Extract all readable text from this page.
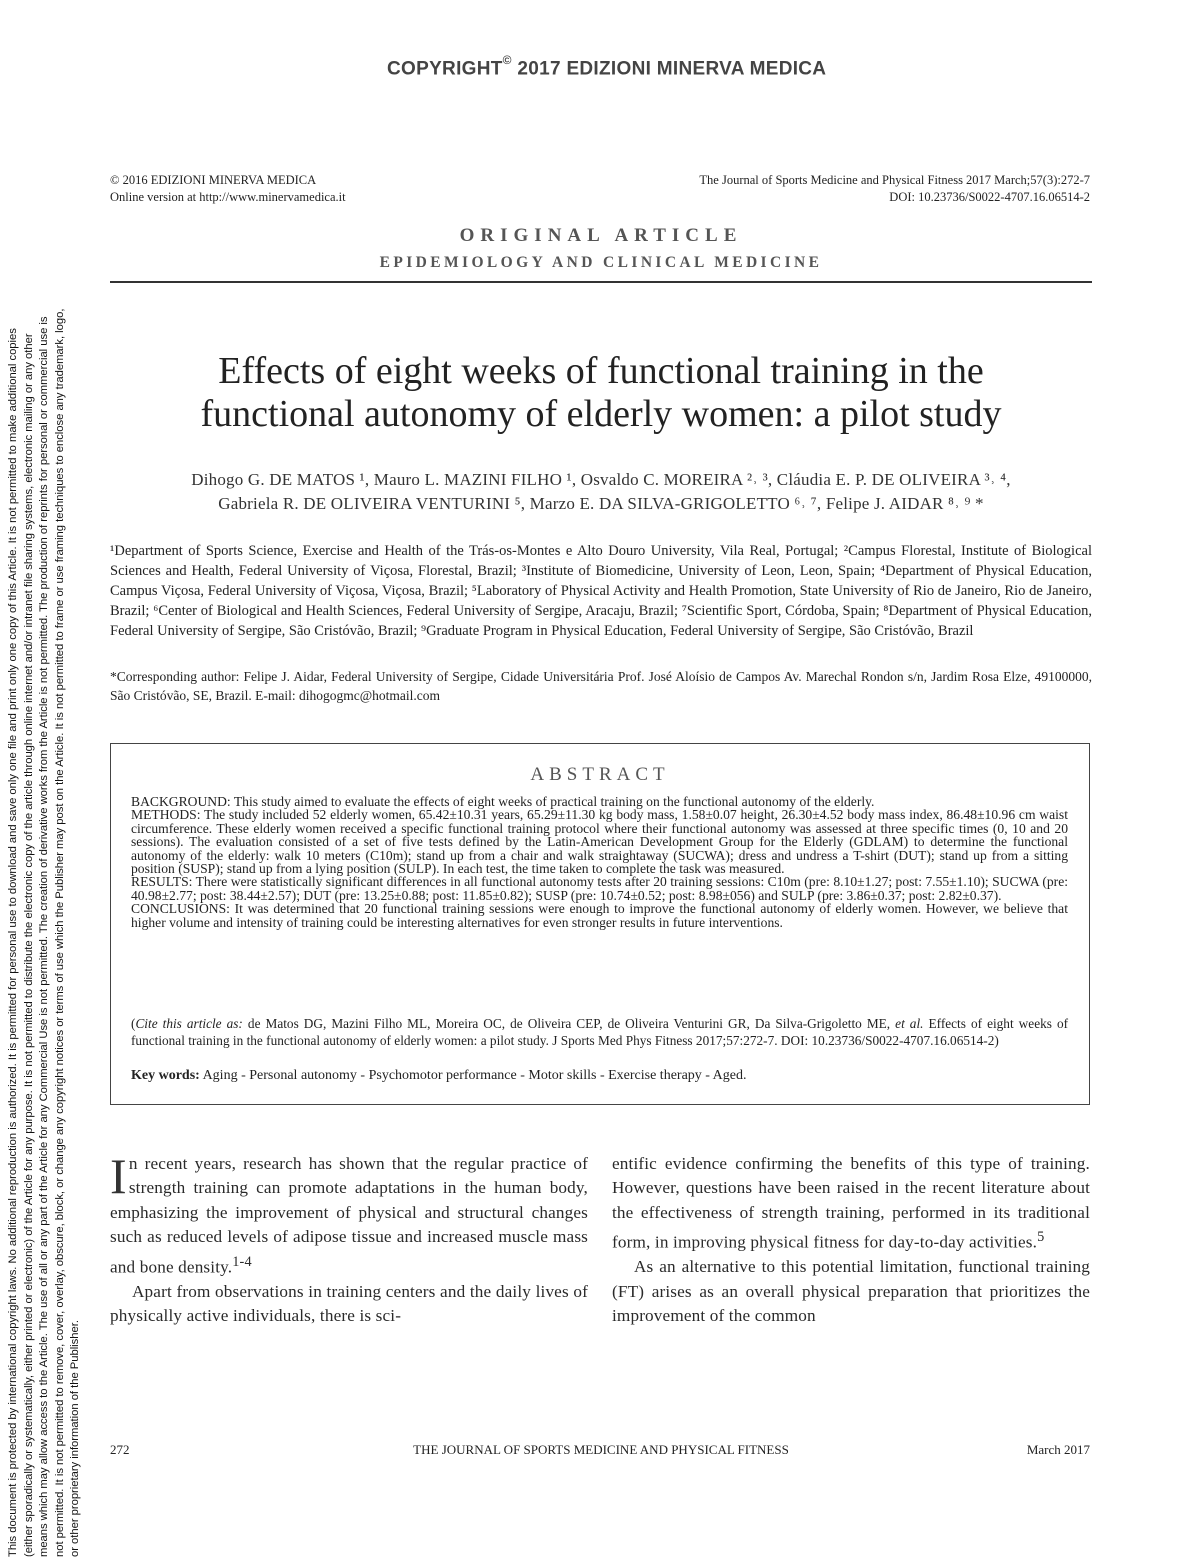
This document is protected by international copyright laws. No additional reproduction is authorized. It is permitted for personal use to download and save only one file and print only one copy of this Article. It is not permitted to make additional copies (either sporadically or systematically, either printed or electronic) of the Article for any purpose. It is not permitted to distribute the electronic copy of the article through online internet and/or intranet file sharing systems, electronic mailing or any other means which may allow access to the Article. The use of all or any part of the Article for any Commercial Use is not permitted. The creation of derivative works from the Article is not permitted. The production of reprints for personal or commercial use is not permitted. It is not permitted to remove, cover, overlay, obscure, block, or change any copyright notices or terms of use which the Publisher may post on the Article. It is not permitted to frame or use framing techniques to enclose any trademark, logo, or other proprietary information of the Publisher.
COPYRIGHT© 2017 EDIZIONI MINERVA MEDICA
© 2016 EDIZIONI MINERVA MEDICA
Online version at http://www.minervamedica.it
The Journal of Sports Medicine and Physical Fitness 2017 March;57(3):272-7
DOI: 10.23736/S0022-4707.16.06514-2
ORIGINAL ARTICLE
EPIDEMIOLOGY AND CLINICAL MEDICINE
Effects of eight weeks of functional training in the
functional autonomy of elderly women: a pilot study
Dihogo G. DE MATOS ¹, Mauro L. MAZINI FILHO ¹, Osvaldo C. MOREIRA ²˒ ³, Cláudia E. P. DE OLIVEIRA ³˒ ⁴,
Gabriela R. DE OLIVEIRA VENTURINI ⁵, Marzo E. DA SILVA-GRIGOLETTO ⁶˒ ⁷, Felipe J. AIDAR ⁸˒ ⁹ *
¹Department of Sports Science, Exercise and Health of the Trás-os-Montes e Alto Douro University, Vila Real, Portugal; ²Campus Florestal, Institute of Biological Sciences and Health, Federal University of Viçosa, Florestal, Brazil; ³Institute of Biomedicine, University of Leon, Leon, Spain; ⁴Department of Physical Education, Campus Viçosa, Federal University of Viçosa, Viçosa, Brazil; ⁵Laboratory of Physical Activity and Health Promotion, State University of Rio de Janeiro, Rio de Janeiro, Brazil; ⁶Center of Biological and Health Sciences, Federal University of Sergipe, Aracaju, Brazil; ⁷Scientific Sport, Córdoba, Spain; ⁸Department of Physical Education, Federal University of Sergipe, São Cristóvão, Brazil; ⁹Graduate Program in Physical Education, Federal University of Sergipe, São Cristóvão, Brazil
*Corresponding author: Felipe J. Aidar, Federal University of Sergipe, Cidade Universitária Prof. José Aloísio de Campos Av. Marechal Rondon s/n, Jardim Rosa Elze, 49100000, São Cristóvão, SE, Brazil. E-mail: dihogogmc@hotmail.com
ABSTRACT

BACKGROUND: This study aimed to evaluate the effects of eight weeks of practical training on the functional autonomy of the elderly.

METHODS: The study included 52 elderly women, 65.42±10.31 years, 65.29±11.30 kg body mass, 1.58±0.07 height, 26.30±4.52 body mass index, 86.48±10.96 cm waist circumference. These elderly women received a specific functional training protocol where their functional autonomy was assessed at three specific times (0, 10 and 20 sessions). The evaluation consisted of a set of five tests defined by the Latin-American Development Group for the Elderly (GDLAM) to determine the functional autonomy of the elderly: walk 10 meters (C10m); stand up from a chair and walk straightaway (SUCWA); dress and undress a T-shirt (DUT); stand up from a sitting position (SUSP); stand up from a lying position (SULP). In each test, the time taken to complete the task was measured.

RESULTS: There were statistically significant differences in all functional autonomy tests after 20 training sessions: C10m (pre: 8.10±1.27; post: 7.55±1.10); SUCWA (pre: 40.98±2.77; post: 38.44±2.57); DUT (pre: 13.25±0.88; post: 11.85±0.82); SUSP (pre: 10.74±0.52; post: 8.98±056) and SULP (pre: 3.86±0.37; post: 2.82±0.37).

CONCLUSIONS: It was determined that 20 functional training sessions were enough to improve the functional autonomy of elderly women. However, we believe that higher volume and intensity of training could be interesting alternatives for even stronger results in future interventions.

(Cite this article as: de Matos DG, Mazini Filho ML, Moreira OC, de Oliveira CEP, de Oliveira Venturini GR, Da Silva-Grigoletto ME, et al. Effects of eight weeks of functional training in the functional autonomy of elderly women: a pilot study. J Sports Med Phys Fitness 2017;57:272-7. DOI: 10.23736/S0022-4707.16.06514-2)
Key words: Aging - Personal autonomy - Psychomotor performance - Motor skills - Exercise therapy - Aged.

In recent years, research has shown that the regular practice of strength training can promote adaptations in the human body, emphasizing the improvement of physical and structural changes such as reduced levels of adipose tissue and increased muscle mass and bone density.$^{1-4}$

Apart from observations in training centers and the daily lives of physically active individuals, there is sci-

entific evidence confirming the benefits of this type of training. However, questions have been raised in the recent literature about the effectiveness of strength training, performed in its traditional form, in improving physical fitness for day-to-day activities.$^5$

As an alternative to this potential limitation, functional training (FT) arises as an overall physical preparation that prioritizes the improvement of the common

272	THE JOURNAL OF SPORTS MEDICINE AND PHYSICAL FITNESS	March 2017
